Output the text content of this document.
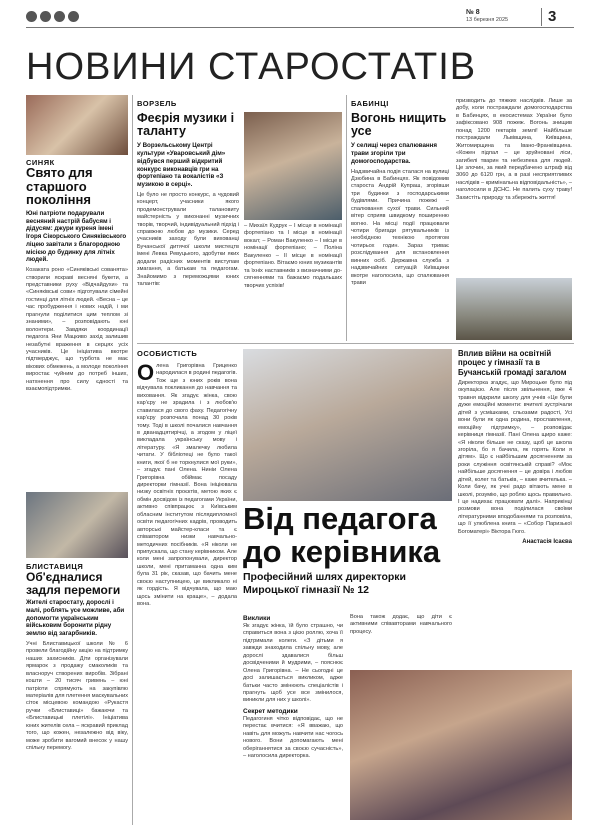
№ 8
13 березня 2025	3
НОВИНИ СТАРОСТАТІВ
СИНЯК
Свято для старшого покоління
Юні патріоти подарували весняний настрій бабусям і дідусям: джури куреня імені Ігоря Сікорського Синяківського ліцею завітали з благородною місією до будинку для літніх людей.
Козаката роно «Синяківські сованята» створили яскраві весняні букети, а представники руху «Відчайдухи» та «Синяківські сови» підготували сімейні гостинці для літніх людей. «Весна – це час пробудження і нових надій, і ми прагнули поділитися цим теплом зі знаними», – розповідають юні волонтери. Завдяки координації педагога Яни Мацкиво захід залишив незабутні враження в серцях усіх учасників. Це ініціатива вкотре підтверджує, що турбота не має вікових обмежень, а молоде покоління виростає чуйним до потреб інших, натхнення про силу єдності та взаємопідтримки.
БЛИСТАВИЦЯ
Об'єдналися задля перемоги
Жителі старостату, дорослі і малі, роблять усе можливе, аби допомогти українським військовим боронити рідну землю від загарбників.
Учні Блиставицької школи № 6 провели благодійну акцію на підтримку наших захисників. Діти організували ярмарок з продажу смаколиків та власноруч створених виробів. Зібрані кошти – 20 тисяч гривень – юні патріоти спрямують на закупівлю матеріалів для плетення маскувальних сіток місцевою командою «Рукастя ручки «Блиставиці» бажаючи та «Блиставицькі плетілі». Ініціатива юних жителів села – яскравий приклад того, що кожен, незалежно від віку, може зробити вагомий внесок у нашу спільну перемогу.
ВОРЗЕЛЬ
Феєрія музики і таланту
У Ворзельському Центрі культури «Уваровський дім» відбувся перший відкритий конкурс виконавців гри на фортепіано та вокалістів «З музикою в серці».
Це було не просто конкурс, а чудовий концерт, учасники якого продемонстрували талановиту майстерність у виконанні музичних творів, творчий, індивідуальний підхід і справжню любов до музики. Серед учасників заходу були вихованці Бучанської дитячої школи мистецтв імені Левка Ревуцького, здобутки яких додали радісних моментів виступам змагання, а батькам та педагогам. Знайомимо з переможцями юних талантів:
– Михаїл Кудрук – І місце в номінації фортепіано та І місце в номінації вокал; – Роман Вакуленко – І місце в номінації фортепіано; – Поліна Вакуленко – ІІ місце в номінації фортепіано. Вітаємо юних музикантів та їхніх наставників з визначними досягненнями та бажаємо подальших творчих успіхів!
БАБИНЦІ
Вогонь нищить усе
У селищі через спалювання трави згоріли три домогосподарства.
Надзвичайна подія сталася на вулиці Дзюбина в Бабинцях. Як повідомив староста Андрій Купраш, згорівши три будинки з господарськими будівлями. Причина пожежі – спалювання сухої трави. Сильний вітер сприяв швидкому поширенню вогню. На місці події працювали чотири бригади рятувальників із необхідною технікою протягом чотирьох годин. Зараз триває розслідування для встановлення винних осіб. Державна служба з надзвичайних ситуацій Київщини вкотре наголосила, що спалювання трави
призводить до тяжких наслідків. Лише за добу, коли постраждали домогосподарства в Бабинцях, в екосистемах України було зафіксовано 908 пожеж. Вогонь знищив понад 1200 гектарів землі! Найбільше постраждали Львівщина, Київщина, Житомирщина та Івано-Франківщина. «Кожен підпал – це зруйновані ліси, загибелі тварин та небезпека для людей. Це злочин, за який передбачено штраф від 3060 до 6120 грн, а в разі несприятливих наслідків – кримінальна відповідальність», – наголосили в ДСНС. Не палить суху траву! Захистіть природу та збережіть життя!
ОСОБИСТІСТЬ
Олена Григорівна Гриценко народилася в родині педагогів. Тож ще з юних років вона відчувала покликання до навчання та виховання. Як згадує жінка, свою кар'єру не зрадила і з любов'ю ставилася до свого фаху. Педагогічну кар'єру розпочала понад 30 років тому. Тоді в школі почалися навчання в дванадцятирічці, а згодом у ліцеї викладала українську мову і літературу. «Я змалечку любила читати. У бібліотеці не було такої книги, якої б не торкнулися мої руки», – згадує пані Олена. Ниніи Олена Григорівна обіймає посаду директорки гімназії. Вона ініціювала низку освітніх проєктів, метою яких є обмін досвідом із педагогами України, активно співпрацює з Київським обласним інститутом післядипломної освіти педагогічних кадрів, проводить авторські майстер-класи та є співавтором низки навчально-методичних посібників. «Я ніколи не припускала, що стану керівником. Але коли мені запропонували, директор школи, мені притаманна одна ким була 31 рік, сказав, що бачить мене своєю наступницею, це викликало ні як гордість. Я відчувала, що маю щось змінити на краще», – додала вона.
Від педагога до керівника
Професійний шлях директорки Мироцької гімназії № 12
Виклики
Як згадує жінка, їй було страшно, чи справиться вона з цією роллю, хоча її підтримали колеги. «З дітьми я завжди знаходила спільну мову, але дорослі здавалися більш досвідченими й мудрими, – пояснює Олена Григорівна. – Не сьогодні це досі залишається викликом, адже батьки часто змінюють спеціалістів і прагнуть щоб усе все змінилося, виникли для них у школі».
Секрет методики
Педагогиня чітко відповідає, що не перестає вчитися: «Я вважаю, що навіть для можуть навчити нас чогось нового. Вони допомагають мені оберіганнятися за своєю сучасність», – наголосила директорка.
Вона також додає, що діти є активними співавторами навчального процесу.
Вплив війни на освітній процес у гімназії та в Бучанській громаді загалом
Директорка згадує, що Мироцьке було під окупацією. Але після звільнення, вже 4 травня відкрили школу для учнів «Це були дуже емоційні моменти: вчителі зустрічали дітей з усмішками, сльозами радості, Усі вони були як одна родина, прославлення, емоційну підтримку», – розповідає керівниця гімназії. Пані Олена щиро каже: «Я ніколи більше не сказу, щоб це школа згоріла, бо я бачила, як горять Коли я дітям». Що є найбільшим досягненням за роки служіння освітянській справі? «Моє найбільше досягнення – це довіра і любов дітей, колег та батьків, – каже вчителька. – Коли бачу, як учні радо вітають мене в школі, розумію, що роблю щось правильно. І це надихає працювати далі». Наприкінці розмови вона поділилася своїми літературними вподобаннями та розповіла, що її улюблена книга – «Собор Паризької Богоматері» Віктора Гюго.
Анастасія Ісаєва
